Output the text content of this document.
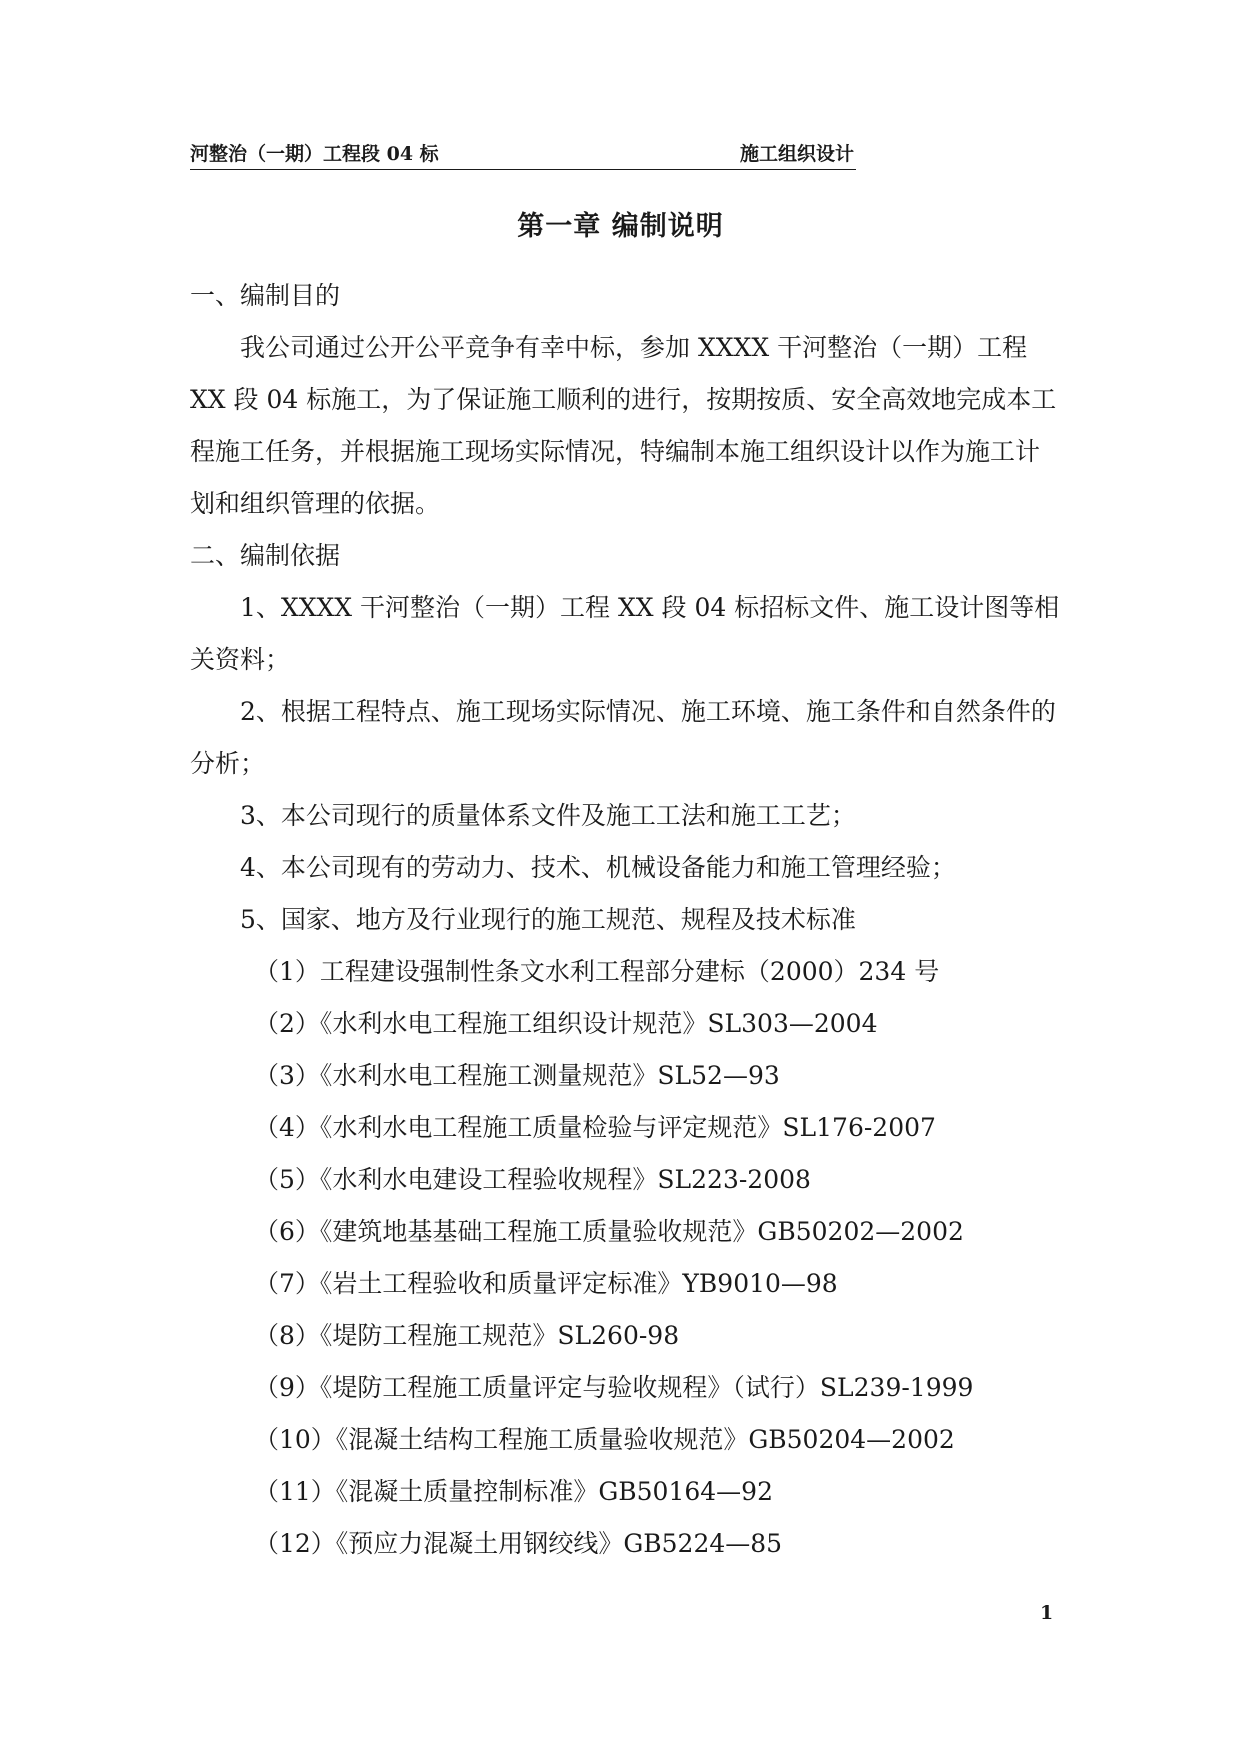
河整治（一期）工程段 04 标	施工组织设计
第一章 编制说明

一、编制目的

我公司通过公开公平竞争有幸中标，参加 XXXX 干河整治（一期）工程 XX 段 04 标施工，为了保证施工顺利的进行，按期按质、安全高效地完成本工程施工任务，并根据施工现场实际情况，特编制本施工组织设计以作为施工计划和组织管理的依据。

二、编制依据

1、XXXX 干河整治（一期）工程 XX 段 04 标招标文件、施工设计图等相关资料；

2、根据工程特点、施工现场实际情况、施工环境、施工条件和自然条件的分析；

3、本公司现行的质量体系文件及施工工法和施工工艺；

4、本公司现有的劳动力、技术、机械设备能力和施工管理经验；

5、国家、地方及行业现行的施工规范、规程及技术标准

（1）工程建设强制性条文水利工程部分建标（2000）234 号

（2）《水利水电工程施工组织设计规范》SL303—2004

（3）《水利水电工程施工测量规范》SL52—93

（4）《水利水电工程施工质量检验与评定规范》SL176-2007

（5）《水利水电建设工程验收规程》SL223-2008

（6）《建筑地基基础工程施工质量验收规范》GB50202—2002

（7）《岩土工程验收和质量评定标准》YB9010—98

（8）《堤防工程施工规范》SL260-98

（9）《堤防工程施工质量评定与验收规程》（试行）SL239-1999

（10）《混凝土结构工程施工质量验收规范》GB50204—2002

（11）《混凝土质量控制标准》GB50164—92

（12）《预应力混凝土用钢绞线》GB5224—85

1
